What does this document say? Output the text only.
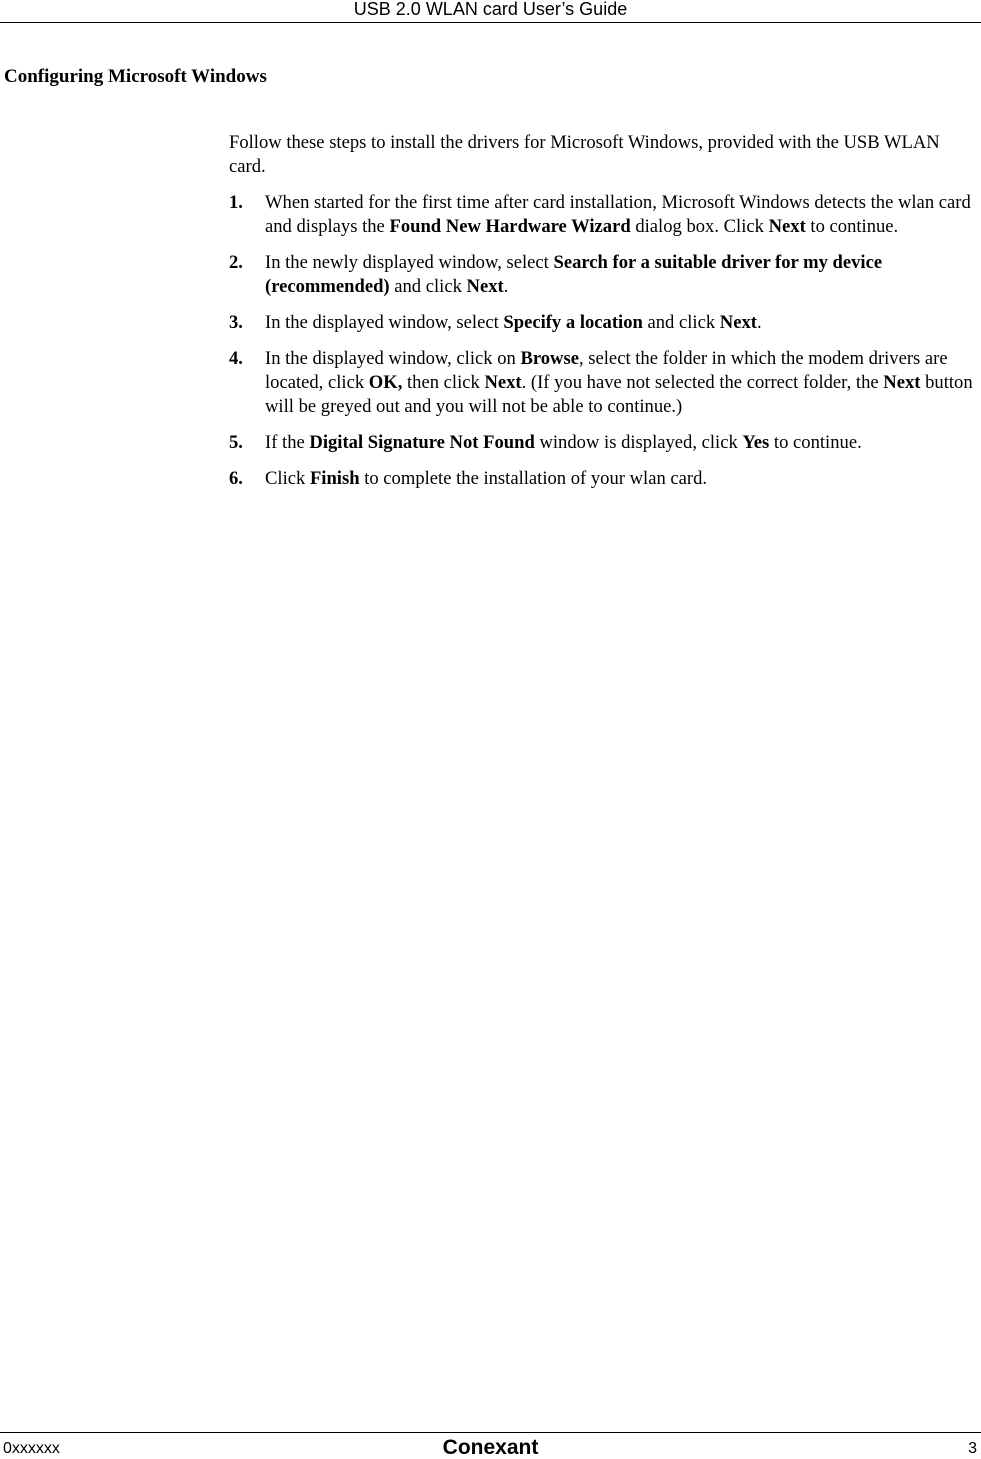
USB 2.0 WLAN card User’s Guide
Configuring Microsoft Windows

Follow these steps to install the drivers for Microsoft Windows, provided with the USB WLAN card.

1.	When started for the first time after card installation, Microsoft Windows detects the wlan card and displays the Found New Hardware Wizard dialog box. Click Next to continue.
2.	In the newly displayed window, select Search for a suitable driver for my device (recommended) and click Next.
3.	In the displayed window, select Specify a location and click Next.
4.	In the displayed window, click on Browse, select the folder in which the modem drivers are located, click OK, then click Next. (If you have not selected the correct folder, the Next button will be greyed out and you will not be able to continue.)
5.	If the Digital Signature Not Found window is displayed, click Yes to continue.
6.	Click Finish to complete the installation of your wlan card.
0xxxxxx	Conexant	3
